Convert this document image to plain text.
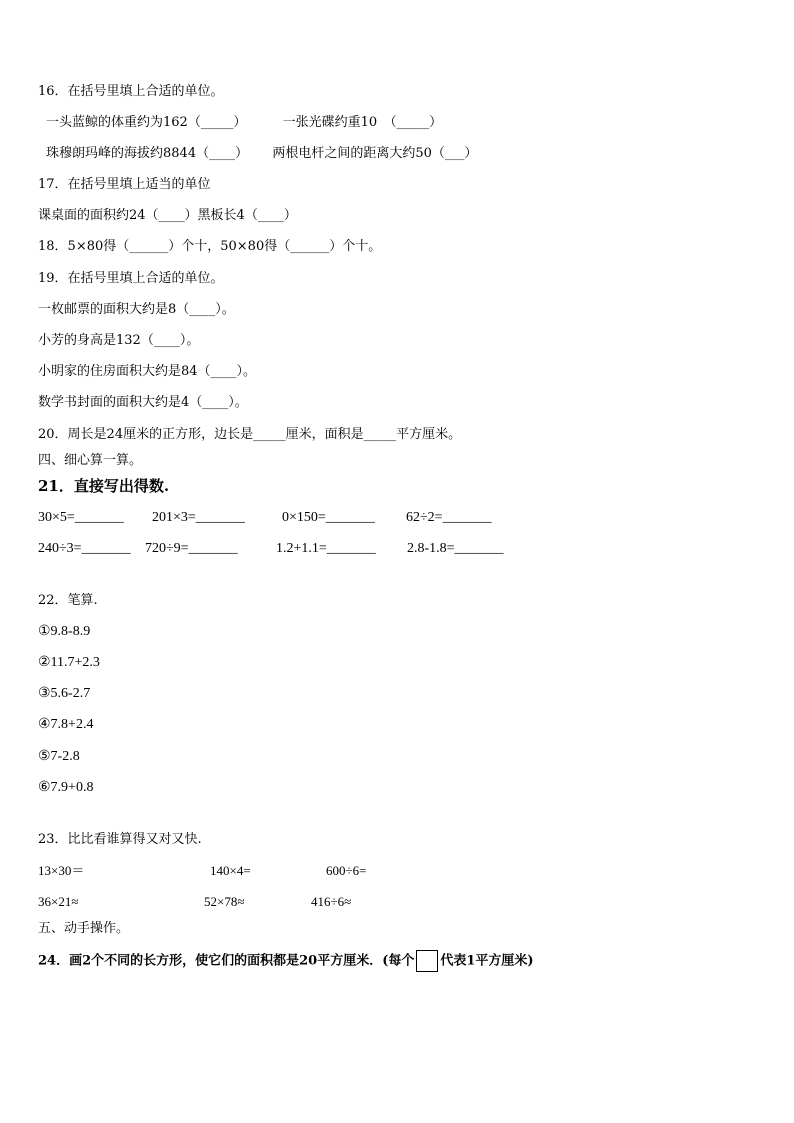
16．在括号里填上合适的单位。
一头蓝鲸的体重约为162（_____）	一张光碟约重10　（_____）
珠穆朗玛峰的海拔约8844（____） 两根电杆之间的距离大约50（___）
17．在括号里填上适当的单位
课桌面的面积约24（____）黑板长4（____）
18．5×80得（______）个十，50×80得（______）个十。
19．在括号里填上合适的单位。
一枚邮票的面积大约是8（____）。
小芳的身高是132（____）。
小明家的住房面积大约是84（____）。
数学书封面的面积大约是4（____）。
20．周长是24厘米的正方形，边长是_____厘米，面积是_____平方厘米。
四、细心算一算。
21．直接写出得数.
30×5=_______ 201×3=_______	0×150=_______ 62÷2=_______
240÷3=_______ 720÷9=_______	1.2+1.1=_______ 2.8-1.8=_______
22．笔算.
①9.8-8.9
②11.7+2.3
③5.6-2.7
④7.8+2.4
⑤7-2.8
⑥7.9+0.8
23．比比看谁算得又对又快.
13×30＝	140×4=	600÷6=
36×21≈	52×78≈	416÷6≈
五、动手操作。
24．画2个不同的长方形，使它们的面积都是20平方厘米．(每个 代表1平方厘米)
